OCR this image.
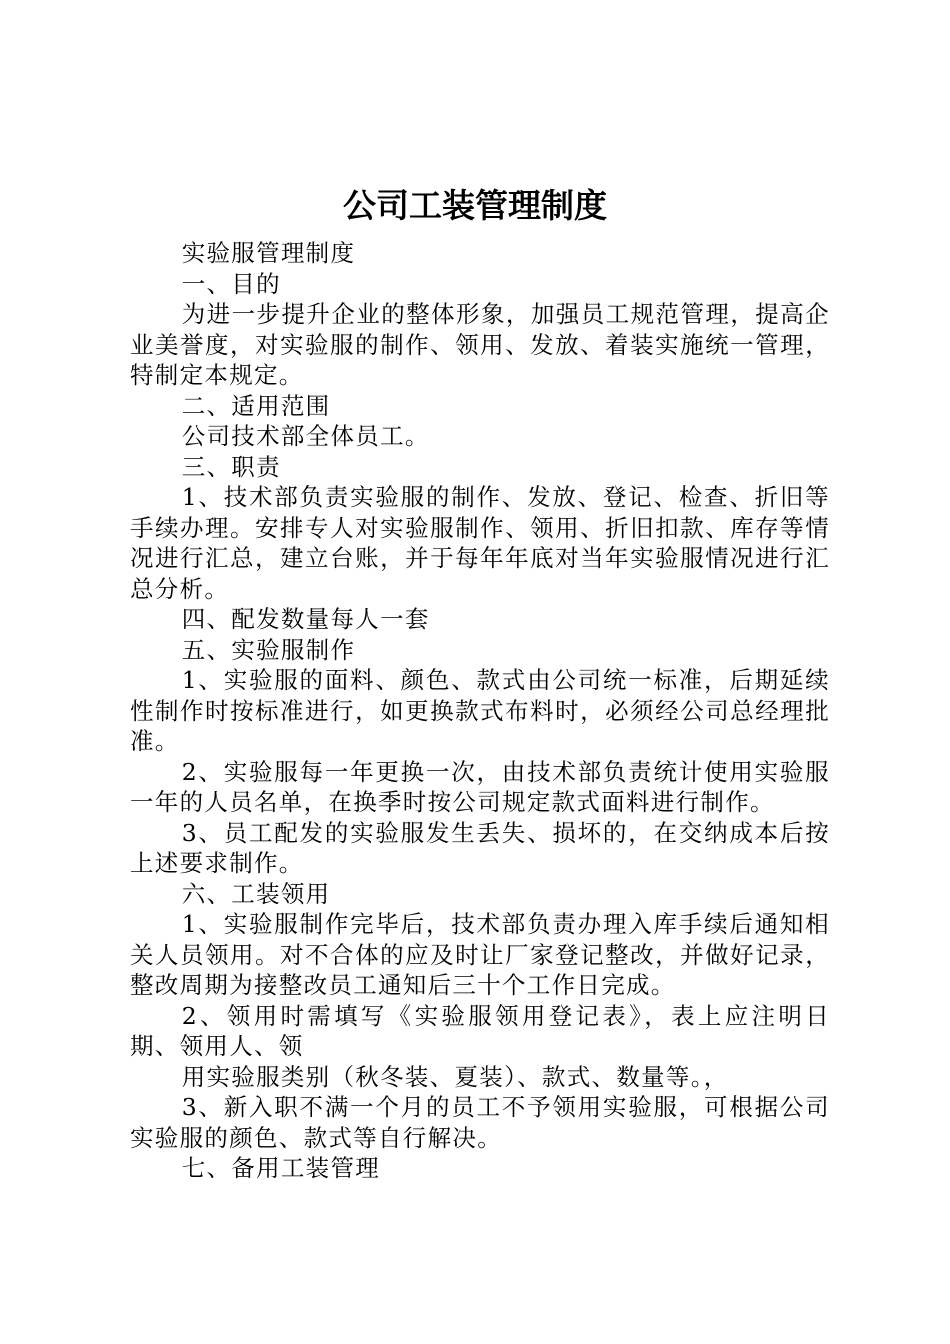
公司工装管理制度

实验服管理制度

一、目的

为进一步提升企业的整体形象，加强员工规范管理，提高企业美誉度，对实验服的制作、领用、发放、着装实施统一管理，特制定本规定。

二、适用范围

公司技术部全体员工。

三、职责

1、技术部负责实验服的制作、发放、登记、检查、折旧等手续办理。安排专人对实验服制作、领用、折旧扣款、库存等情况进行汇总，建立台账，并于每年年底对当年实验服情况进行汇总分析。

四、配发数量每人一套

五、实验服制作

1、实验服的面料、颜色、款式由公司统一标准，后期延续性制作时按标准进行，如更换款式布料时，必须经公司总经理批准。

2、实验服每一年更换一次，由技术部负责统计使用实验服一年的人员名单，在换季时按公司规定款式面料进行制作。

3、员工配发的实验服发生丢失、损坏的，在交纳成本后按上述要求制作。

六、工装领用

1、实验服制作完毕后，技术部负责办理入库手续后通知相关人员领用。对不合体的应及时让厂家登记整改，并做好记录，整改周期为接整改员工通知后三十个工作日完成。

2、领用时需填写《实验服领用登记表》，表上应注明日期、领用人、领

用实验服类别（秋冬装、夏装）、款式、数量等。，

3、新入职不满一个月的员工不予领用实验服，可根据公司实验服的颜色、款式等自行解决。

七、备用工装管理
